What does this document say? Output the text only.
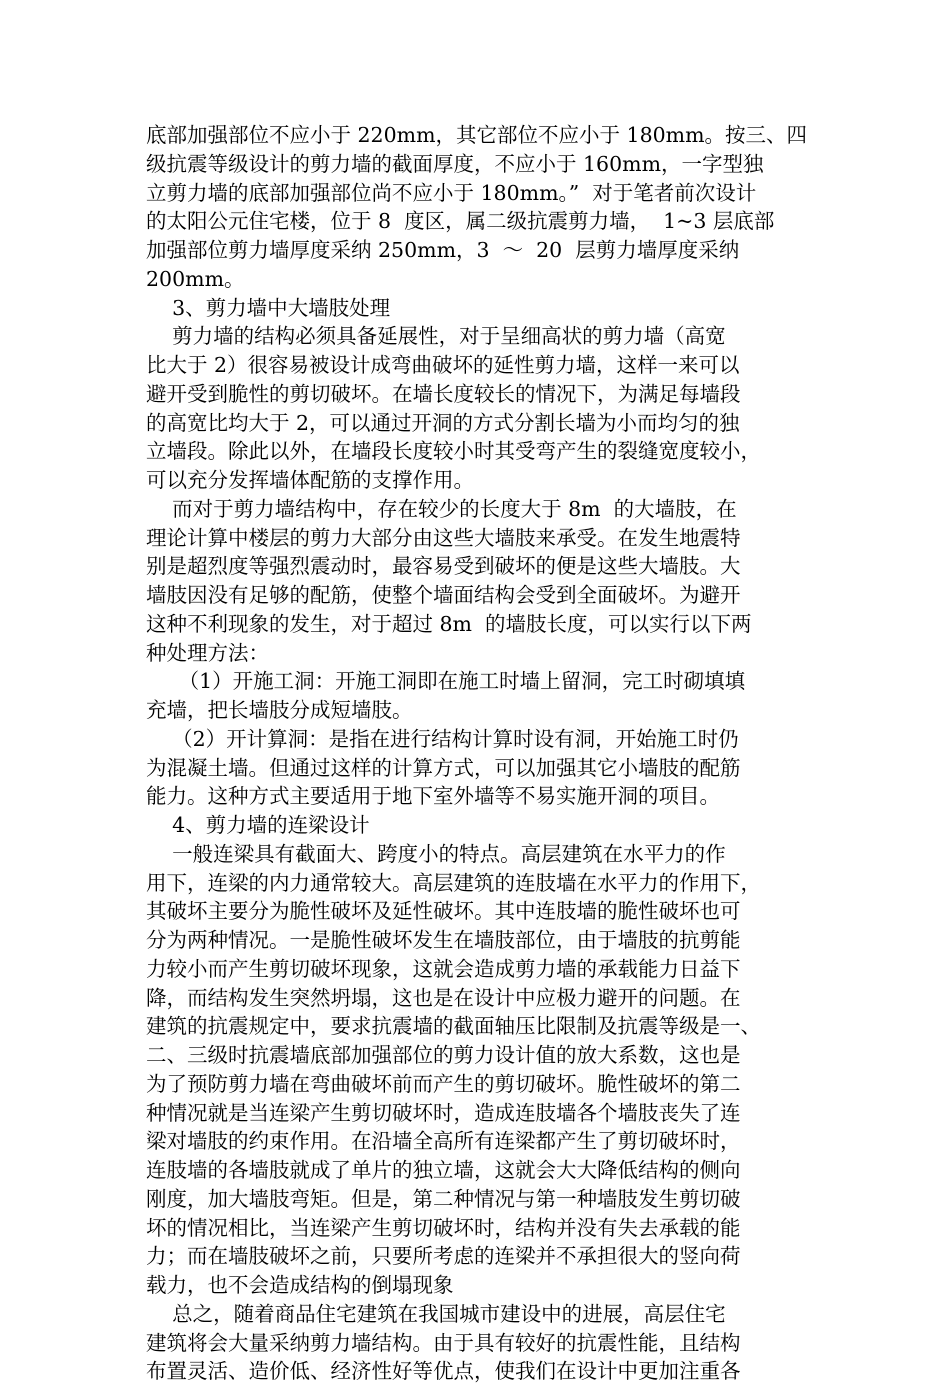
底部加强部位不应小于 220mm，其它部位不应小于 180mm。按三、四
级抗震等级设计的剪力墙的截面厚度，不应小于 160mm，一字型独
立剪力墙的底部加强部位尚不应小于 180mm。”  对于笔者前次设计
的太阳公元住宅楼，位于 8  度区，属二级抗震剪力墙，  1~3 层底部
加强部位剪力墙厚度采纳 250mm，3  ～  20  层剪力墙厚度采纳
200mm。
3、剪力墙中大墙肢处理
剪力墙的结构必须具备延展性，对于呈细高状的剪力墙（高宽
比大于 2）很容易被设计成弯曲破坏的延性剪力墙，这样一来可以
避开受到脆性的剪切破坏。在墙长度较长的情况下，为满足每墙段
的高宽比均大于 2，可以通过开洞的方式分割长墙为小而均匀的独
立墙段。除此以外，在墙段长度较小时其受弯产生的裂缝宽度较小，
可以充分发挥墙体配筋的支撑作用。
而对于剪力墙结构中，存在较少的长度大于 8m  的大墙肢，在
理论计算中楼层的剪力大部分由这些大墙肢来承受。在发生地震特
别是超烈度等强烈震动时，最容易受到破坏的便是这些大墙肢。大
墙肢因没有足够的配筋，使整个墙面结构会受到全面破坏。为避开
这种不利现象的发生，对于超过 8m  的墙肢长度，可以实行以下两
种处理方法：
（1）开施工洞：开施工洞即在施工时墙上留洞，完工时砌填填
充墙，把长墙肢分成短墙肢。
（2）开计算洞：是指在进行结构计算时设有洞，开始施工时仍
为混凝土墙。但通过这样的计算方式，可以加强其它小墙肢的配筋
能力。这种方式主要适用于地下室外墙等不易实施开洞的项目。
4、剪力墙的连梁设计
一般连梁具有截面大、跨度小的特点。高层建筑在水平力的作
用下，连梁的内力通常较大。高层建筑的连肢墙在水平力的作用下，
其破坏主要分为脆性破坏及延性破坏。其中连肢墙的脆性破坏也可
分为两种情况。一是脆性破坏发生在墙肢部位，由于墙肢的抗剪能
力较小而产生剪切破坏现象，这就会造成剪力墙的承载能力日益下
降，而结构发生突然坍塌，这也是在设计中应极力避开的问题。在
建筑的抗震规定中，要求抗震墙的截面轴压比限制及抗震等级是一、
二、三级时抗震墙底部加强部位的剪力设计值的放大系数，这也是
为了预防剪力墙在弯曲破坏前而产生的剪切破坏。脆性破坏的第二
种情况就是当连梁产生剪切破坏时，造成连肢墙各个墙肢丧失了连
梁对墙肢的约束作用。在沿墙全高所有连梁都产生了剪切破坏时，
连肢墙的各墙肢就成了单片的独立墙，这就会大大降低结构的侧向
刚度，加大墙肢弯矩。但是，第二种情况与第一种墙肢发生剪切破
坏的情况相比，当连梁产生剪切破坏时，结构并没有失去承载的能
力；而在墙肢破坏之前，只要所考虑的连梁并不承担很大的竖向荷
载力，也不会造成结构的倒塌现象
总之，随着商品住宅建筑在我国城市建设中的进展，高层住宅
建筑将会大量采纳剪力墙结构。由于具有较好的抗震性能，且结构
布置灵活、造价低、经济性好等优点，使我们在设计中更加注重各
